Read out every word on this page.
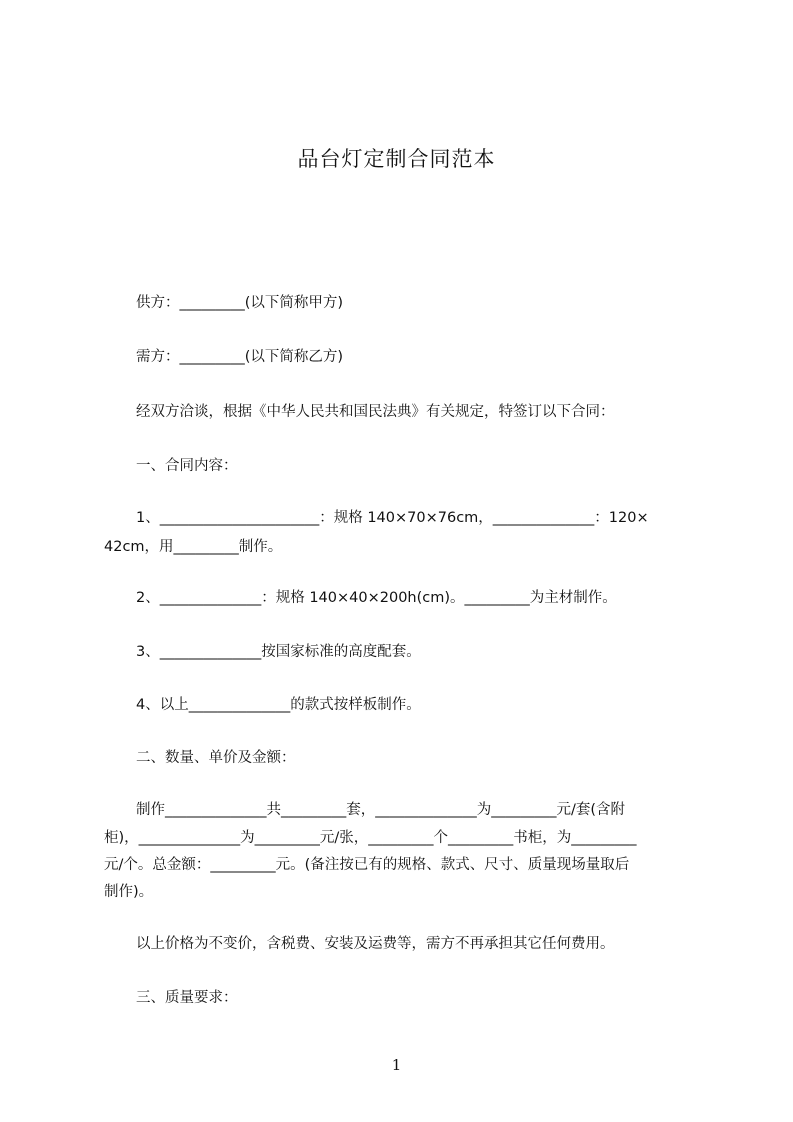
品台灯定制合同范本
供方：_________(以下简称甲方)
需方：_________(以下简称乙方)
经双方洽谈，根据《中华人民共和国民法典》有关规定，特签订以下合同：
一、合同内容：
1、______________________：规格 140×70×76cm，______________：120×
42cm，用_________制作。
2、______________：规格 140×40×200h(cm)。_________为主材制作。
3、______________按国家标准的高度配套。
4、以上______________的款式按样板制作。
二、数量、单价及金额：
制作______________共_________套，______________为_________元/套(含附
柜)，______________为_________元/张，_________个_________书柜，为_________
元/个。总金额：_________元。(备注按已有的规格、款式、尺寸、质量现场量取后
制作)。
以上价格为不变价，含税费、安装及运费等，需方不再承担其它任何费用。
三、质量要求：
1
